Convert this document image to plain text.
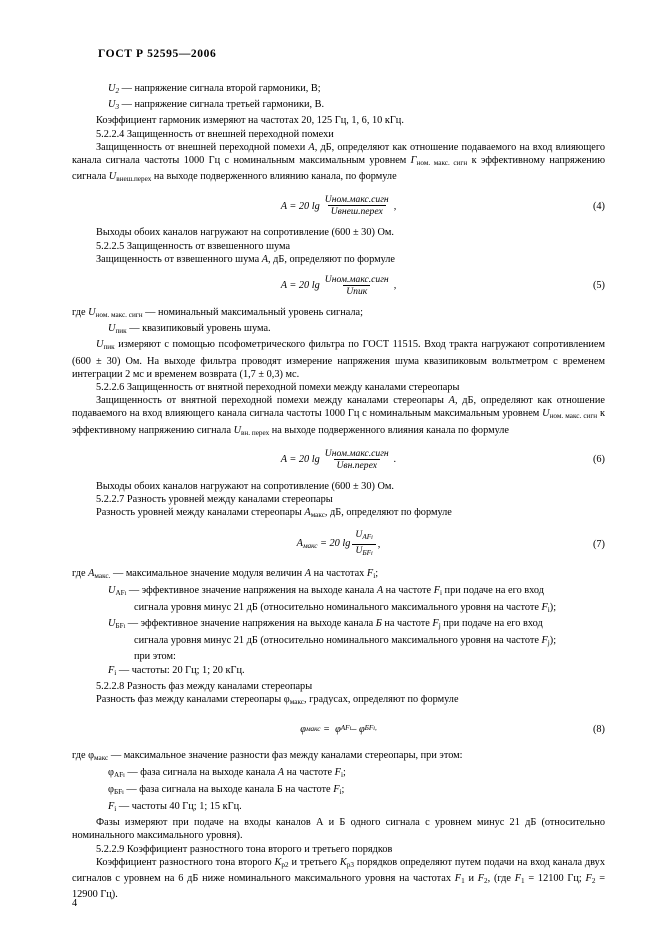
ГОСТ Р 52595—2006

$U_2$ — напряжение сигнала второй гармоники, В;

$U_3$ — напряжение сигнала третьей гармоники, В.

Коэффициент гармоник измеряют на частотах 20, 125 Гц, 1, 6, 10 кГц.

5.2.2.4 Защищенность от внешней переходной помехи

Защищенность от внешней переходной помехи А, дБ, определяют как отношение подаваемого на вход влияющего канала сигнала частоты 1000 Гц с номинальным максимальным уровнем $Г_{ном. макс. сигн}$ к эффективному напряжению сигнала $U_{внеш.перех}$ на выходе подверженного влиянию канала, по формуле

A = 20 $\lg \frac{\text{Uном.макс.сигн}}{\text{Uвнеш.перех}}$ ,	(4)

Выходы обоих каналов нагружают на сопротивление (600 ± 30) Ом.

5.2.2.5 Защищенность от взвешенного шума

Защищенность от взвешенного шума А, дБ, определяют по формуле

A = 20 $\lg \frac{\text{Uном.макс.сигн}}{\text{Uпик}}$ ,	(5)

где $U_{ном. макс. сигн}$ — номинальный максимальный уровень сигнала;

$U_{пик}$ — квазипиковый уровень шума.

$U_{пик}$ измеряют с помощью псофометрического фильтра по ГОСТ 11515. Вход тракта нагружают сопротивлением (600 ± 30) Ом. На выходе фильтра проводят измерение напряжения шума квазипиковым вольтметром с временем интеграции 2 мс и временем возврата (1,7 ± 0,3) мс.

5.2.2.6 Защищенность от внятной переходной помехи между каналами стереопары

Защищенность от внятной переходной помехи между каналами стереопары А, дБ, определяют как отношение подаваемого на вход влияющего канала сигнала частоты 1000 Гц с номинальным максимальным уровнем $U_{ном. макс. сигн}$ к эффективному напряжению сигнала $U_{вн. перех}$ на выходе подверженного влияния канала по формуле

A = 20 $\lg \frac{\text{Uном.макс.сигн}}{\text{Uвн.перех}}$ .	(6)

Выходы обоих каналов нагружают на сопротивление (600 ± 30) Ом.

5.2.2.7 Разность уровней между каналами стереопары

Разность уровней между каналами стереопары $A_{макс}$, дБ, определяют по формуле

$A_{макс} = 20$ $\lg \frac{U_{AFi}}{U_{БFi}}$ ,	(7)

где $A_{макс.}$ — максимальное значение модуля величин A на частотах $F_i$;

$U_{AFi}$ — эффективное значение напряжения на выходе канала А на частоте $F_i$ при подаче на его вход
сигнала уровня минус 21 дБ (относительно номинального максимального уровня на частоте $F_i$);

$U_{БFi}$ — эффективное значение напряжения на выходе канала Б на частоте $F_j$ при подаче на его вход
сигнала уровня минус 21 дБ (относительно номинального максимального уровня на частоте $F_j$);
при этом:

$F_i$ — частоты: 20 Гц; 1; 20 кГц.

5.2.2.8 Разность фаз между каналами стереопары

Разность фаз между каналами стереопары $\varphi_{макс}$, градусах, определяют по формуле

φ макс =  φ AFi – φ БFi,	(8)

где $\varphi_{макс}$ — максимальное значение разности фаз между каналами стереопары, при этом:

$\varphi_{AFi}$ — фаза сигнала на выходе канала А на частоте $F_i$;

$\varphi_{БFi}$ — фаза сигнала на выходе канала Б на частоте $F_i$;

$F_i$ — частоты 40 Гц; 1; 15 кГц.

Фазы измеряют при подаче на входы каналов А и Б одного сигнала с уровнем минус 21 дБ (относительно номинального максимального уровня).

5.2.2.9 Коэффициент разностного тона второго и третьего порядков

Коэффициент разностного тона второго $K_{р2}$ и третьего $K_{р3}$ порядков определяют путем подачи на вход канала двух сигналов с уровнем на 6 дБ ниже номинального максимального уровня на частотах $F_1$ и $F_2$, (где $F_1 = 12100$ Гц; $F_2 = 12900$ Гц).

4
